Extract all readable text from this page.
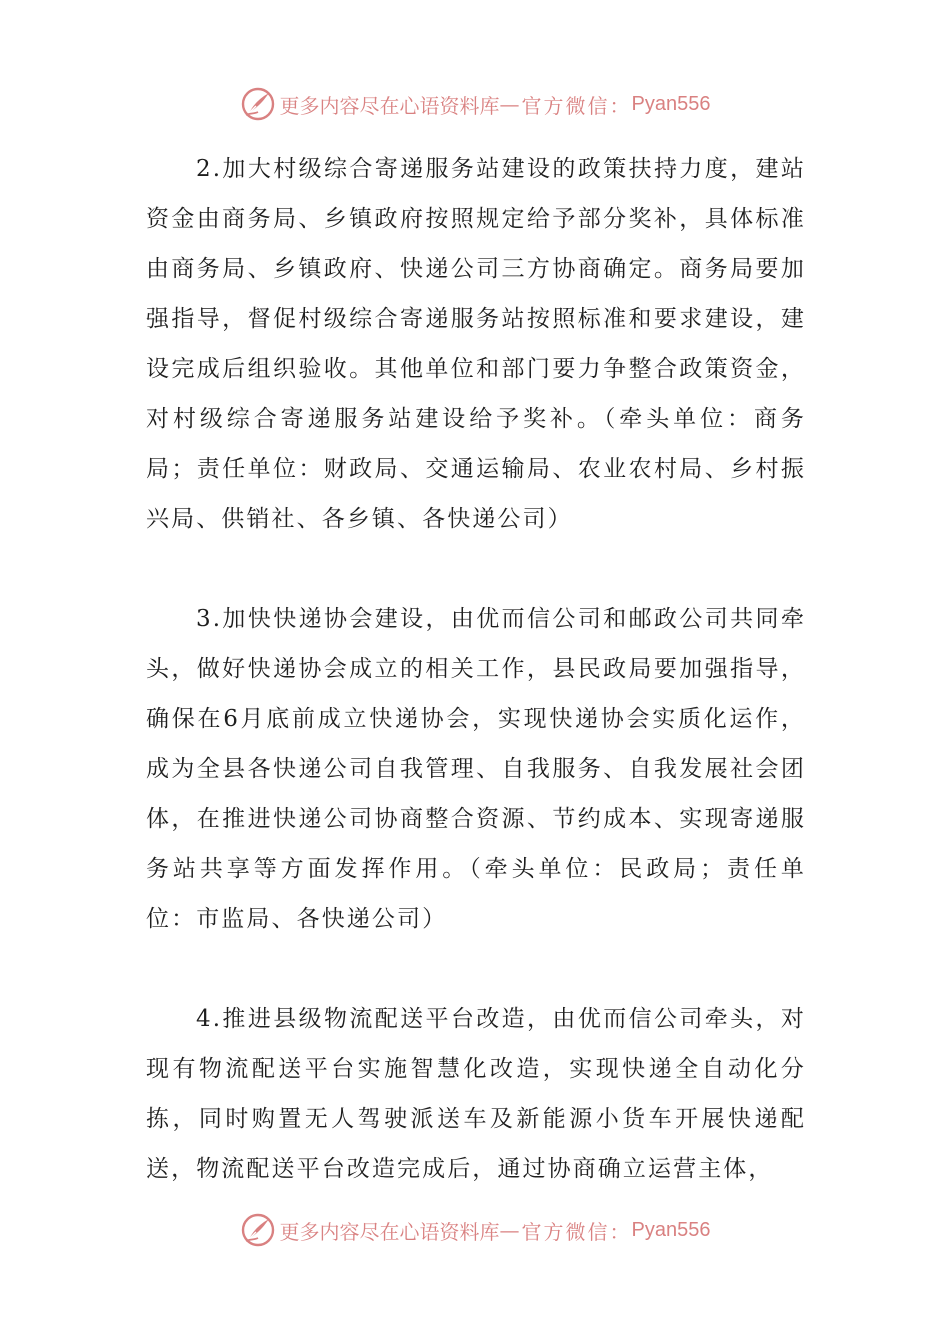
更多内容尽在心语资料库 — 官方微信： Pyan556

2.加大村级综合寄递服务站建设的政策扶持力度，建站资金由商务局、乡镇政府按照规定给予部分奖补，具体标准由商务局、乡镇政府、快递公司三方协商确定。商务局要加强指导，督促村级综合寄递服务站按照标准和要求建设，建设完成后组织验收。其他单位和部门要力争整合政策资金，对村级综合寄递服务站建设给予奖补。（牵头单位：商务局；责任单位：财政局、交通运输局、农业农村局、乡村振兴局、供销社、各乡镇、各快递公司）

3.加快快递协会建设，由优而信公司和邮政公司共同牵头，做好快递协会成立的相关工作，县民政局要加强指导，确保在6月底前成立快递协会，实现快递协会实质化运作，成为全县各快递公司自我管理、自我服务、自我发展社会团体，在推进快递公司协商整合资源、节约成本、实现寄递服务站共享等方面发挥作用。（牵头单位：民政局；责任单位：市监局、各快递公司）

4.推进县级物流配送平台改造，由优而信公司牵头，对现有物流配送平台实施智慧化改造，实现快递全自动化分拣，同时购置无人驾驶派送车及新能源小货车开展快递配送，物流配送平台改造完成后，通过协商确立运营主体，

更多内容尽在心语资料库 — 官方微信： Pyan556
